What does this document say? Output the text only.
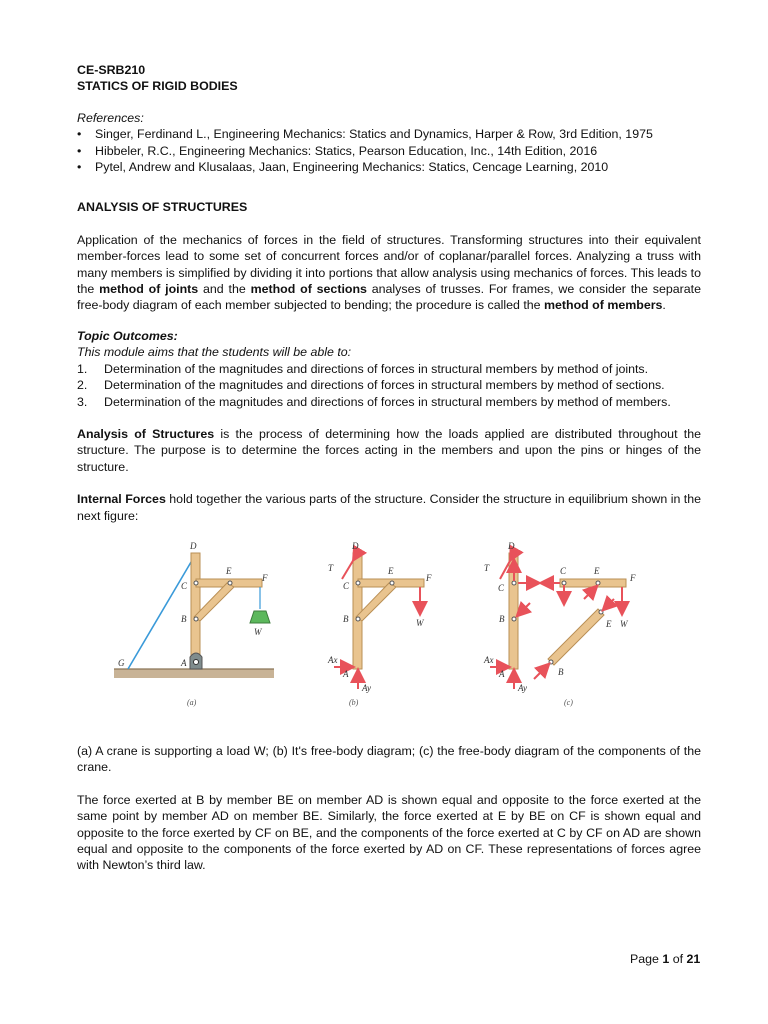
CE-SRB210
STATICS OF RIGID BODIES
References:
• Singer, Ferdinand L., Engineering Mechanics: Statics and Dynamics, Harper & Row, 3rd Edition, 1975
• Hibbeler, R.C., Engineering Mechanics: Statics, Pearson Education, Inc., 14th Edition, 2016
• Pytel, Andrew and Klusalaas, Jaan, Engineering Mechanics: Statics, Cencage Learning, 2010
ANALYSIS OF STRUCTURES

Application of the mechanics of forces in the field of structures. Transforming structures into their equivalent member-forces lead to some set of concurrent forces and/or of coplanar/parallel forces. Analyzing a truss with many members is simplified by dividing it into portions that allow analysis using mechanics of forces. This leads to the method of joints and the method of sections analyses of trusses. For frames, we consider the separate free-body diagram of each member subjected to bending; the procedure is called the method of members.

Topic Outcomes:
This module aims that the students will be able to:
1. Determination of the magnitudes and directions of forces in structural members by method of joints.
2. Determination of the magnitudes and directions of forces in structural members by method of sections.
3. Determination of the magnitudes and directions of forces in structural members by method of members.

Analysis of Structures is the process of determining how the loads applied are distributed throughout the structure. The purpose is to determine the forces acting in the members and upon the pins or hinges of the structure.

Internal Forces hold together the various parts of the structure. Consider the structure in equilibrium shown in the next figure:

D
E
F
C
B
A
G
W
(a)
D
E
F
C
B
A
T
W
Ax
Ay
(b)
D
T
C
B
A
Ax
Ay
C	E
F
E W
B
(c)

(a) A crane is supporting a load W; (b) It's free-body diagram; (c) the free-body diagram of the components of the crane.

The force exerted at B by member BE on member AD is shown equal and opposite to the force exerted at the same point by member AD on member BE. Similarly, the force exerted at E by BE on CF is shown equal and opposite to the force exerted by CF on BE, and the components of the force exerted at C by CF on AD are shown equal and opposite to the components of the force exerted by AD on CF. These representations of forces agree with Newton’s third law.

Page 1 of 21
